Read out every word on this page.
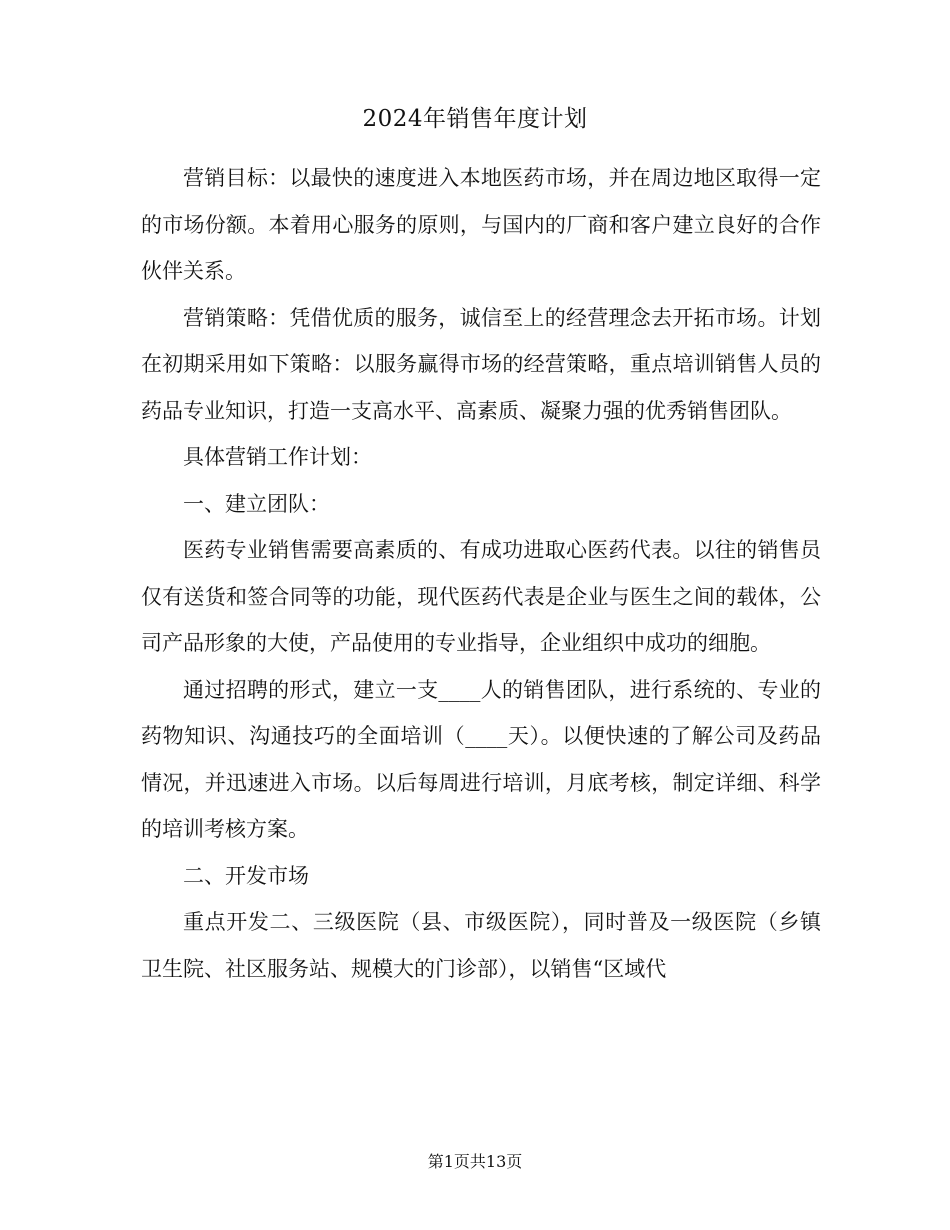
2024年销售年度计划

营销目标：以最快的速度进入本地医药市场，并在周边地区取得一定的市场份额。本着用心服务的原则，与国内的厂商和客户建立良好的合作伙伴关系。

营销策略：凭借优质的服务，诚信至上的经营理念去开拓市场。计划在初期采用如下策略：以服务赢得市场的经营策略，重点培训销售人员的药品专业知识，打造一支高水平、高素质、凝聚力强的优秀销售团队。

具体营销工作计划：

一、建立团队：

医药专业销售需要高素质的、有成功进取心医药代表。以往的销售员仅有送货和签合同等的功能，现代医药代表是企业与医生之间的载体，公司产品形象的大使，产品使用的专业指导，企业组织中成功的细胞。

通过招聘的形式，建立一支____人的销售团队，进行系统的、专业的药物知识、沟通技巧的全面培训（____天）。以便快速的了解公司及药品情况，并迅速进入市场。以后每周进行培训，月底考核，制定详细、科学的培训考核方案。

二、开发市场

重点开发二、三级医院（县、市级医院），同时普及一级医院（乡镇卫生院、社区服务站、规模大的门诊部），以销售“区域代

第1页共13页
